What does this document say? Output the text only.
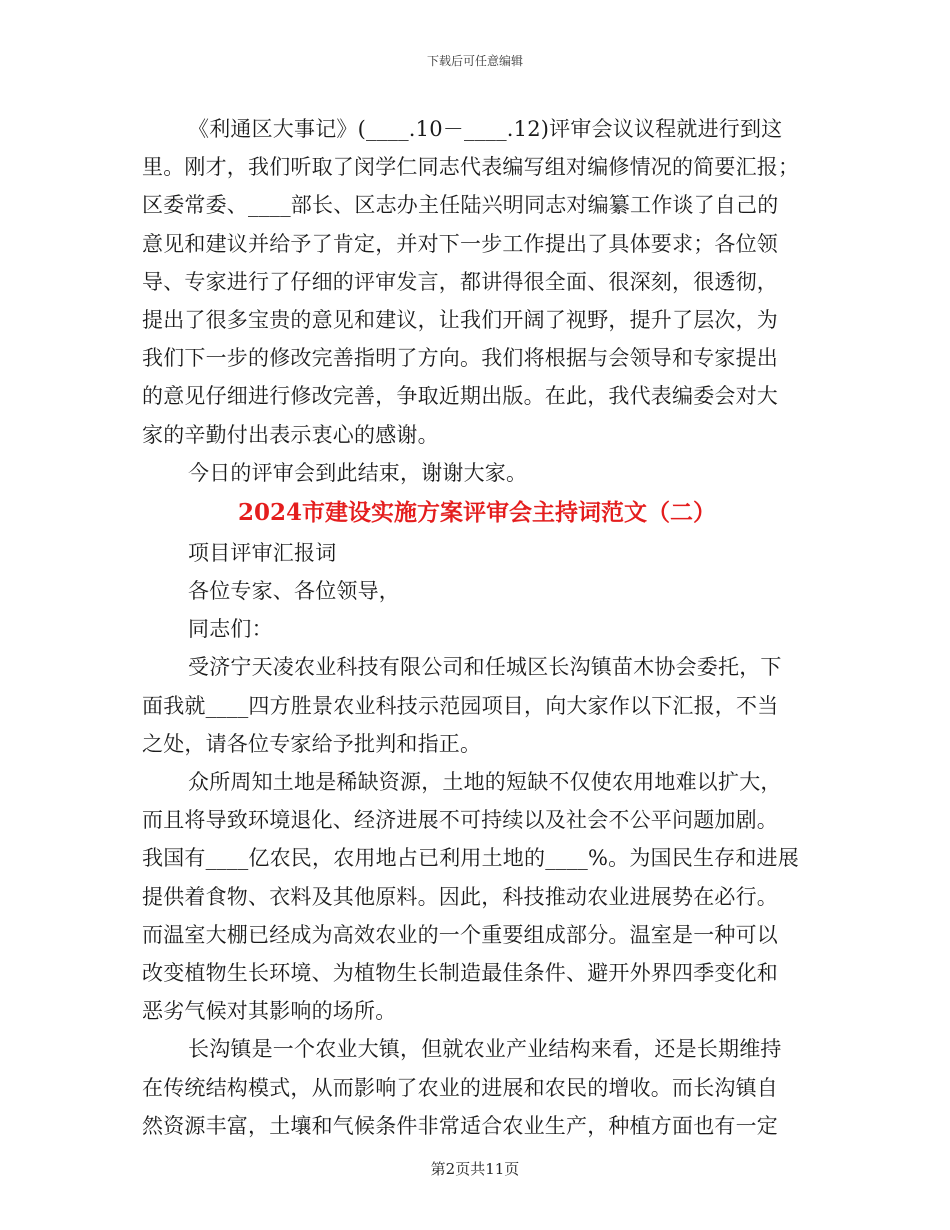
下载后可任意编辑
《利通区大事记》(____.10－____.12)评审会议议程就进行到这
里。刚才，我们听取了闵学仁同志代表编写组对编修情况的简要汇报；
区委常委、____部长、区志办主任陆兴明同志对编纂工作谈了自己的
意见和建议并给予了肯定，并对下一步工作提出了具体要求；各位领
导、专家进行了仔细的评审发言，都讲得很全面、很深刻，很透彻，
提出了很多宝贵的意见和建议，让我们开阔了视野，提升了层次，为
我们下一步的修改完善指明了方向。我们将根据与会领导和专家提出
的意见仔细进行修改完善，争取近期出版。在此，我代表编委会对大
家的辛勤付出表示衷心的感谢。
今日的评审会到此结束，谢谢大家。
2024市建设实施方案评审会主持词范文（二）
项目评审汇报词
各位专家、各位领导，
同志们：
受济宁天凌农业科技有限公司和任城区长沟镇苗木协会委托，下
面我就____四方胜景农业科技示范园项目，向大家作以下汇报，不当
之处，请各位专家给予批判和指正。
众所周知土地是稀缺资源，土地的短缺不仅使农用地难以扩大，
而且将导致环境退化、经济进展不可持续以及社会不公平问题加剧。
我国有____亿农民，农用地占已利用土地的____%。为国民生存和进展
提供着食物、衣料及其他原料。因此，科技推动农业进展势在必行。
而温室大棚已经成为高效农业的一个重要组成部分。温室是一种可以
改变植物生长环境、为植物生长制造最佳条件、避开外界四季变化和
恶劣气候对其影响的场所。
长沟镇是一个农业大镇，但就农业产业结构来看，还是长期维持
在传统结构模式，从而影响了农业的进展和农民的增收。而长沟镇自
然资源丰富，土壤和气候条件非常适合农业生产，种植方面也有一定
第2页共11页
